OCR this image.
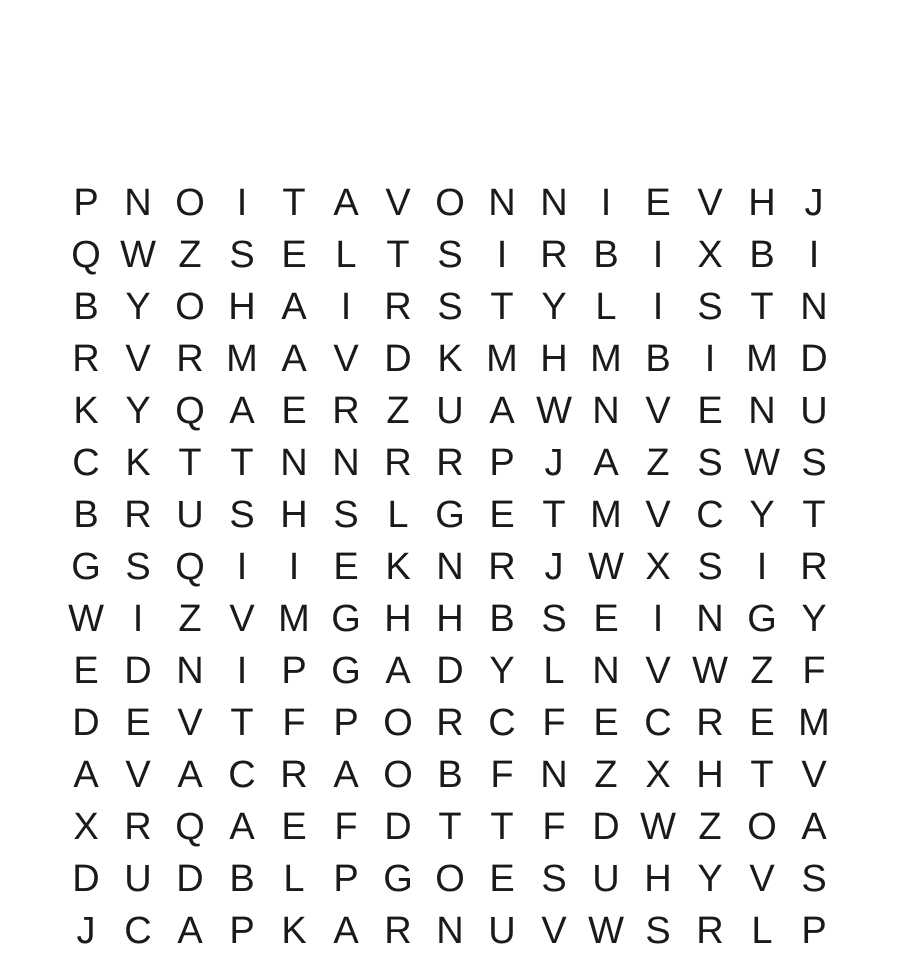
P N O I T A V O N N I E V H J
Q W Z S E L T S I R B I X B I
B Y O H A I R S T Y L I S T N
R V R M A V D K M H M B I M D
K Y Q A E R Z U A W N V E N U
C K T T N N R R P J A Z S W S
B R U S H S L G E T M V C Y T
G S Q I	I E K N R J W X S I R
W I Z V M G H H B S E I N G Y
E D N I P G A D Y L N V W Z F
D E V T F P O R C F E C R E M
A V A C R A O B F N Z X H T V
X R Q A E F D T T F D W Z O A
D U D B L P G O E S U H Y V S
J C A P K A R N U V W S R L P
